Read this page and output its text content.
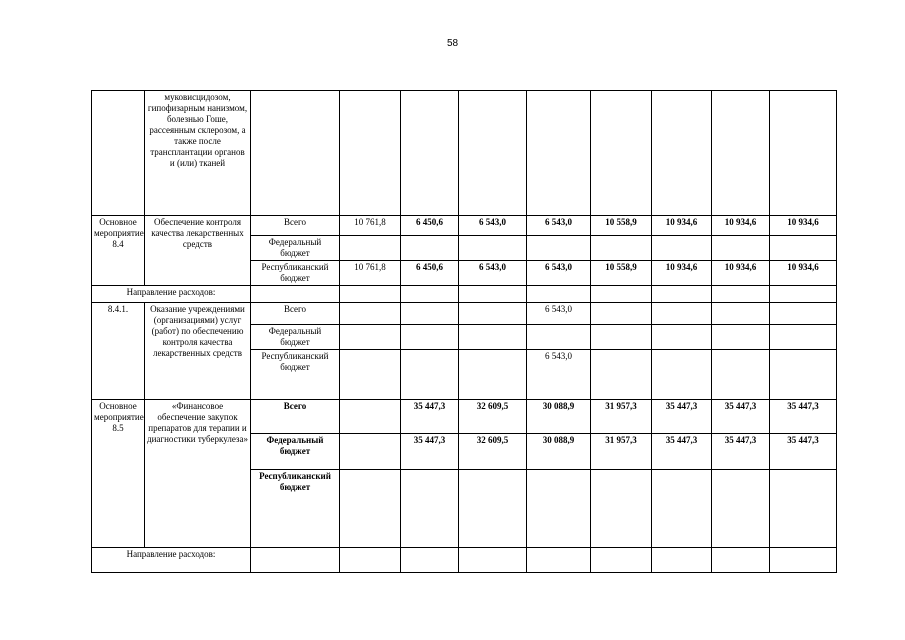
58
	муковисцидозом, гипофизарным нанизмом, болезнью Гоше, рассеянным склерозом, а также после трансплантации органов и (или) тканей									
Основное мероприятие 8.4	Обеспечение контроля качества лекарственных средств	Всего	10 761,8	6 450,6	6 543,0	6 543,0	10 558,9	10 934,6	10 934,6	10 934,6
		Федеральный бюджет								
		Республиканский бюджет	10 761,8	6 450,6	6 543,0	6 543,0	10 558,9	10 934,6	10 934,6	10 934,6
Направление расходов:										
8.4.1.	Оказание учреждениями (организациями) услуг (работ) по обеспечению контроля качества лекарственных средств	Всего				6 543,0				
		Федеральный бюджет								
		Республиканский бюджет				6 543,0				
Основное мероприятие 8.5	«Финансовое обеспечение закупок препаратов для терапии и диагностики туберкулеза»	Всего		35 447,3	32 609,5	30 088,9	31 957,3	35 447,3	35 447,3	35 447,3
		Федеральный бюджет		35 447,3	32 609,5	30 088,9	31 957,3	35 447,3	35 447,3	35 447,3
		Республиканский бюджет								
Направление расходов:										
